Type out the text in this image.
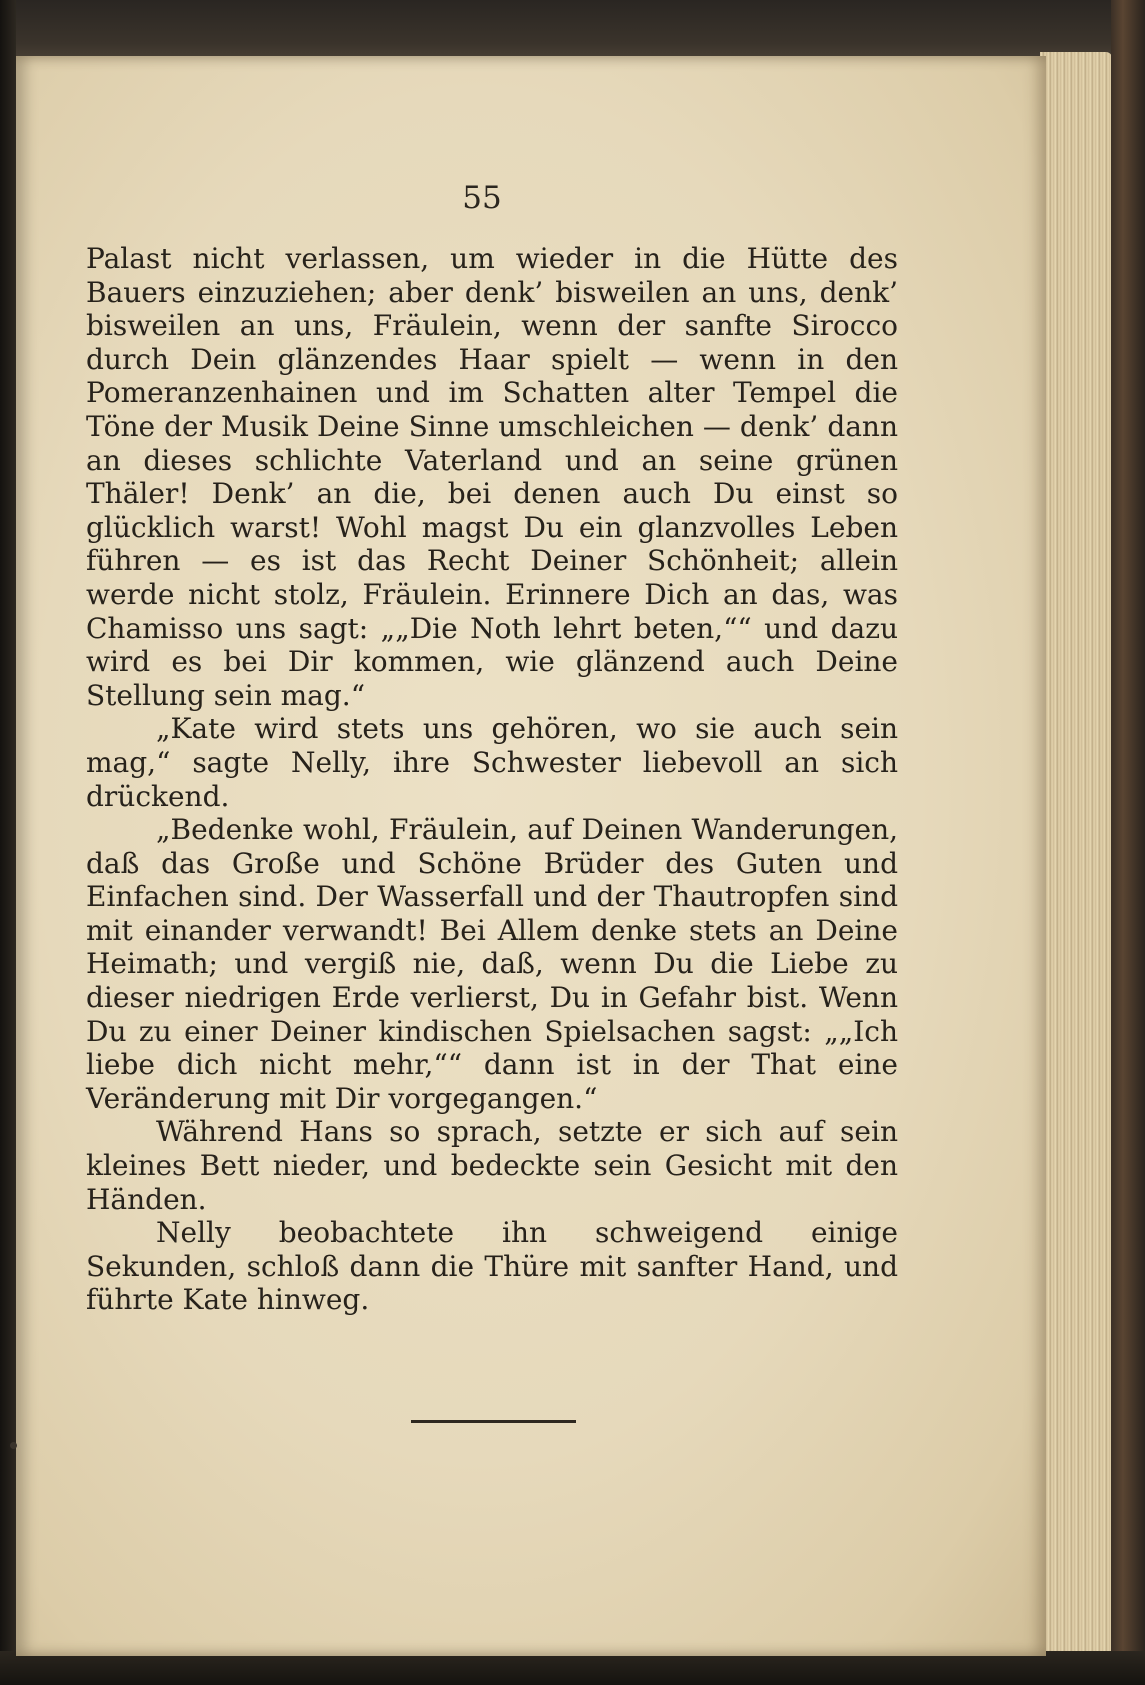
55

Palast nicht verlassen, um wieder in die Hütte des Bauers einzuziehen; aber denk’ bisweilen an uns, denk’ bisweilen an uns, Fräulein, wenn der sanfte Sirocco durch Dein glänzendes Haar spielt — wenn in den Pomeranzenhainen und im Schatten alter Tempel die Töne der Musik Deine Sinne umschleichen — denk’ dann an dieses schlichte Vaterland und an seine grünen Thäler! Denk’ an die, bei denen auch Du einst so glücklich warst! Wohl magst Du ein glanzvolles Leben führen — es ist das Recht Deiner Schönheit; allein werde nicht stolz, Fräulein. Erinnere Dich an das, was Chamisso uns sagt: „„Die Noth lehrt beten,““ und dazu wird es bei Dir kommen, wie glänzend auch Deine Stellung sein mag.“

„Kate wird stets uns gehören, wo sie auch sein mag,“ sagte Nelly, ihre Schwester liebevoll an sich drückend.

„Bedenke wohl, Fräulein, auf Deinen Wanderungen, daß das Große und Schöne Brüder des Guten und Einfachen sind. Der Wasserfall und der Thautropfen sind mit einander verwandt! Bei Allem denke stets an Deine Heimath; und vergiß nie, daß, wenn Du die Liebe zu dieser niedrigen Erde verlierst, Du in Gefahr bist. Wenn Du zu einer Deiner kindischen Spielsachen sagst: „„Ich liebe dich nicht mehr,““ dann ist in der That eine Veränderung mit Dir vorgegangen.“

Während Hans so sprach, setzte er sich auf sein kleines Bett nieder, und bedeckte sein Gesicht mit den Händen.

Nelly beobachtete ihn schweigend einige Sekunden, schloß dann die Thüre mit sanfter Hand, und führte Kate hinweg.
